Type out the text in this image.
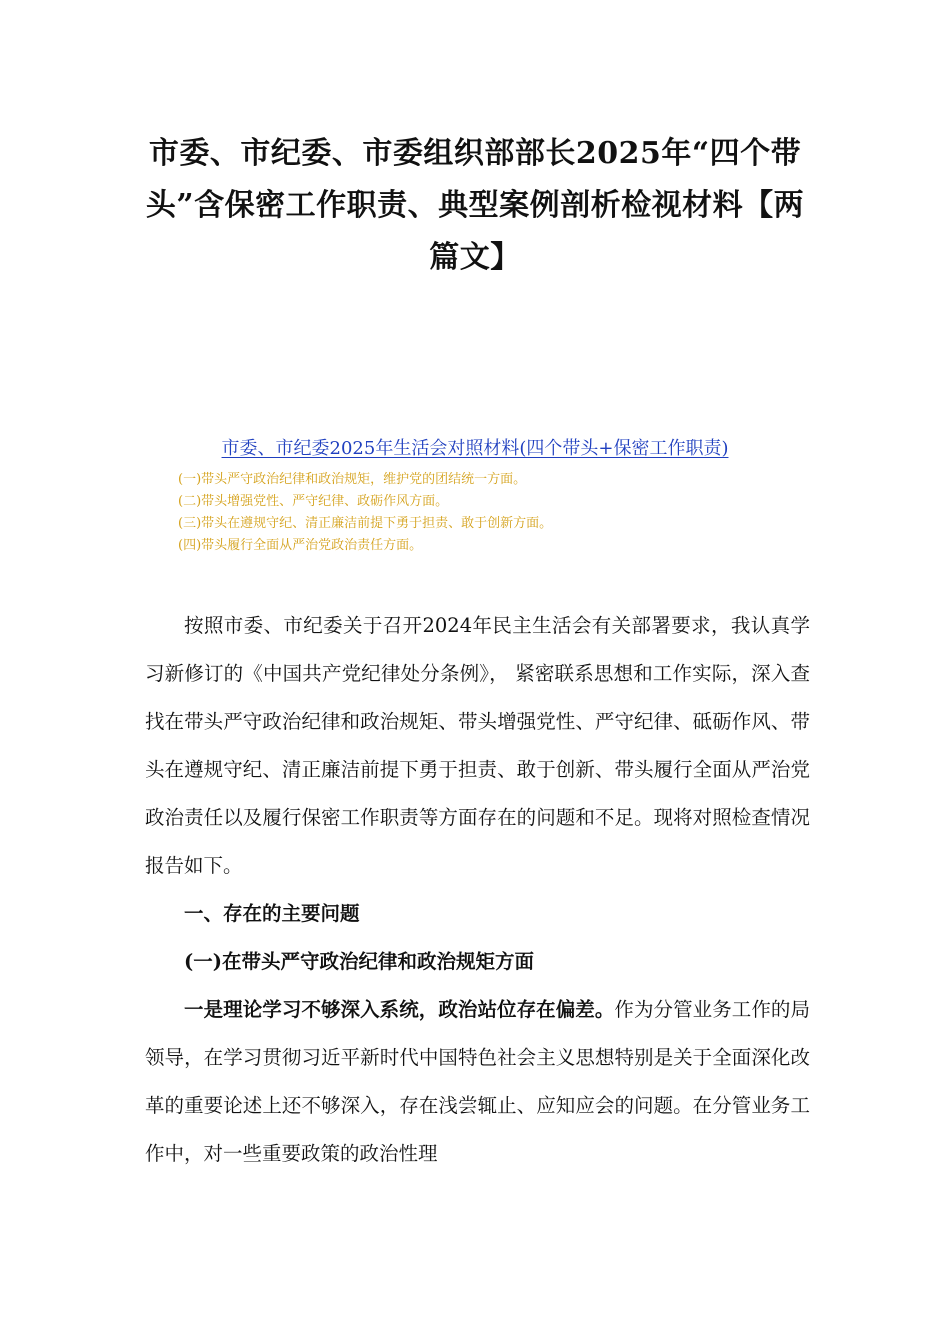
市委、市纪委、市委组织部部长2025年“四个带头”含保密工作职责、典型案例剖析检视材料【两篇文】
市委、市纪委2025年生活会对照材料(四个带头+保密工作职责)
(一)带头严守政治纪律和政治规矩，维护党的团结统一方面。
(二)带头增强党性、严守纪律、政砺作风方面。
(三)带头在遵规守纪、清正廉洁前提下勇于担责、敢于创新方面。
(四)带头履行全面从严治党政治责任方面。

按照市委、市纪委关于召开2024年民主生活会有关部署要求，我认真学习新修订的《中国共产党纪律处分条例》， 紧密联系思想和工作实际，深入查找在带头严守政治纪律和政治规矩、带头增强党性、严守纪律、砥砺作风、带头在遵规守纪、清正廉洁前提下勇于担责、敢于创新、带头履行全面从严治党政治责任以及履行保密工作职责等方面存在的问题和不足。现将对照检查情况报告如下。

一、存在的主要问题

(一)在带头严守政治纪律和政治规矩方面

一是理论学习不够深入系统，政治站位存在偏差。作为分管业务工作的局领导，在学习贯彻习近平新时代中国特色社会主义思想特别是关于全面深化改革的重要论述上还不够深入，存在浅尝辄止、应知应会的问题。在分管业务工作中，对一些重要政策的政治性理
